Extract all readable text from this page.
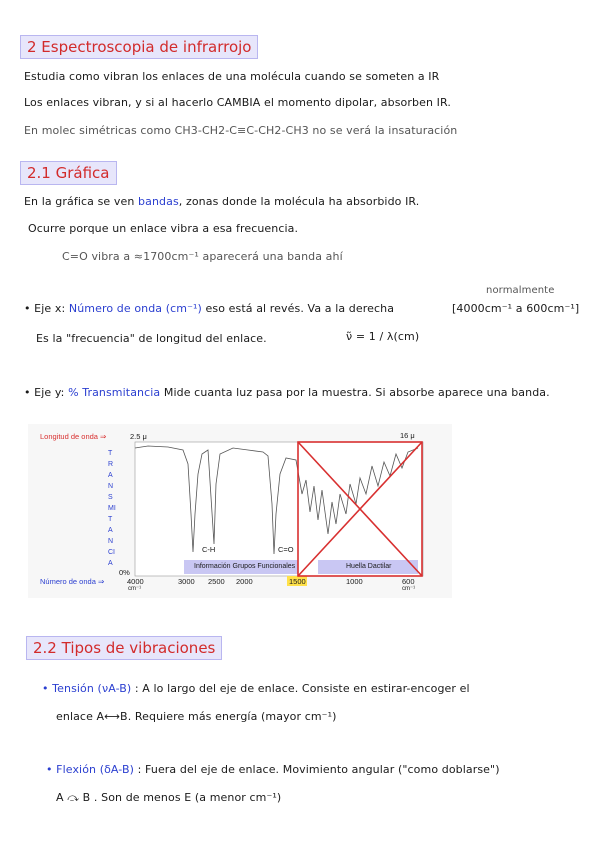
2 Espectroscopia de infrarrojo
Estudia como vibran los enlaces de una molécula cuando se someten a IR
Los enlaces vibran, y si al hacerlo CAMBIA el momento dipolar, absorben IR.
En molec simétricas como CH3-CH2-C≡C-CH2-CH3 no se verá la insaturación
2.1 Gráfica
En la gráfica se ven bandas, zonas donde la molécula ha absorbido IR.
Ocurre porque un enlace vibra a esa frecuencia.
C=O vibra a ≈1700cm⁻¹ aparecerá una banda ahí
normalmente
• Eje x: Número de onda (cm⁻¹) eso está al revés. Va a la derecha	[4000cm⁻¹ a 600cm⁻¹]
Es la "frecuencia" de longitud del enlace.	ν̃ = 1 / λ(cm)
• Eje y: % Transmitancia Mide cuanta luz pasa por la muestra. Si absorbe aparece una banda.
Longitud de onda ⇒	2.5 μ	16 μ
TRANSMITANCIA
0%
Número de onda ⇒
C-H	C=O
Información Grupos Funcionales	Huella Dactilar
4000	3000 2500 2000	1500	1000	600
cm⁻¹	cm⁻¹
2.2 Tipos de vibraciones
• Tensión (νA-B) : A lo largo del eje de enlace. Consiste en estirar-encoger el
enlace A⟷B. Requiere más energía (mayor cm⁻¹)
• Flexión (δA-B) : Fuera del eje de enlace. Movimiento angular ("como doblarse")
A ⤼ B . Son de menos E (a menor cm⁻¹)
